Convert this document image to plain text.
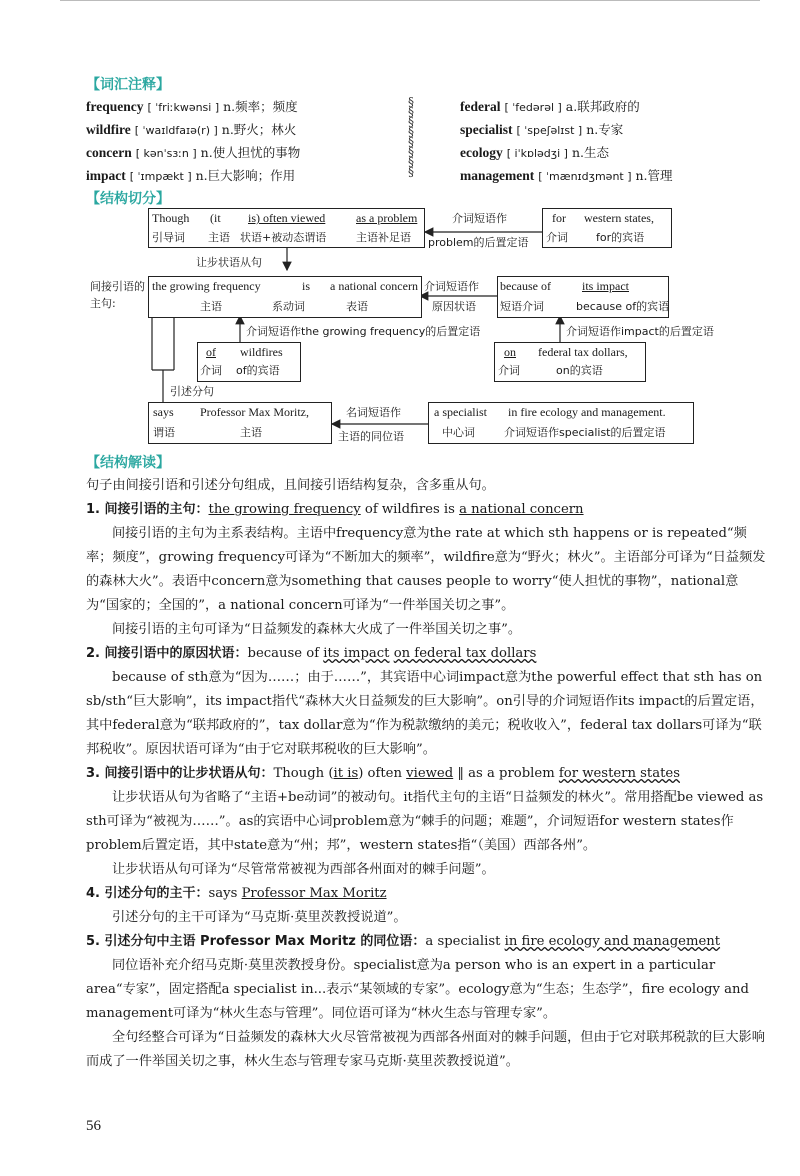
【词汇注释】
frequency [ ˈfriːkwənsi ] n.频率；频度
wildfire [ ˈwaɪldfaɪə(r) ] n.野火；林火
concern [ kənˈsɜːn ] n.使人担忧的事物
impact [ ˈɪmpækt ] n.巨大影响；作用
§
§
§
§
§
§
§
§
federal [ ˈfedərəl ] a.联邦政府的
specialist [ ˈspeʃəlɪst ] n.专家
ecology [ iˈkɒlədʒi ] n.生态
management [ ˈmænɪdʒmənt ] n.管理
【结构切分】
Though (it is) often viewed	as a problem
引导词 主语 状语+被动态谓语	主语补足语
介词短语作
problem的后置定语
for western states,
介词	for的宾语
让步状语从句
间接引语的主句:
the growing frequency	is a national concern
主语	系动词	表语
介词短语作
原因状语
because of	its impact
短语介词	because of的宾语
介词短语作the growing frequency的后置定语	介词短语作impact的后置定语
of wildfires
介词 of的宾语
on federal tax dollars,
介词	on的宾语
引述分句
says Professor Max Moritz,
谓语	主语
名词短语作
主语的同位语
a specialist in fire ecology and management.
中心词	介词短语作specialist的后置定语
【结构解读】

句子由间接引语和引述分句组成，且间接引语结构复杂，含多重从句。

1. 间接引语的主句：the growing frequency of wildfires is a national concern

间接引语的主句为主系表结构。主语中frequency意为the rate at which sth happens or is repeated“频率；频度”，growing frequency可译为“不断加大的频率”，wildfire意为“野火；林火”。主语部分可译为“日益频发的森林大火”。表语中concern意为something that causes people to worry“使人担忧的事物”，national意为“国家的；全国的”，a national concern可译为“一件举国关切之事”。

间接引语的主句可译为“日益频发的森林大火成了一件举国关切之事”。

2. 间接引语中的原因状语：because of its impact on federal tax dollars

because of sth意为“因为……；由于……”，其宾语中心词impact意为the powerful effect that sth has on sb/sth“巨大影响”，its impact指代“森林大火日益频发的巨大影响”。on引导的介词短语作its impact的后置定语，其中federal意为“联邦政府的”，tax dollar意为“作为税款缴纳的美元；税收收入”，federal tax dollars可译为“联邦税收”。原因状语可译为“由于它对联邦税收的巨大影响”。

3. 间接引语中的让步状语从句：Though (it is) often viewed ‖ as a problem for western states

让步状语从句为省略了“主语+be动词”的被动句。it指代主句的主语“日益频发的林火”。常用搭配be viewed as sth可译为“被视为……”。as的宾语中心词problem意为“棘手的问题；难题”，介词短语for western states作problem后置定语，其中state意为“州；邦”，western states指“（美国）西部各州”。

让步状语从句可译为“尽管常常被视为西部各州面对的棘手问题”。

4. 引述分句的主干：says Professor Max Moritz

引述分句的主干可译为“马克斯·莫里茨教授说道”。

5. 引述分句中主语 Professor Max Moritz 的同位语：a specialist in fire ecology and management

同位语补充介绍马克斯·莫里茨教授身份。specialist意为a person who is an expert in a particular area“专家”，固定搭配a specialist in...表示“某领域的专家”。ecology意为“生态；生态学”，fire ecology and management可译为“林火生态与管理”。同位语可译为“林火生态与管理专家”。

全句经整合可译为“日益频发的森林大火尽管常被视为西部各州面对的棘手问题，但由于它对联邦税款的巨大影响而成了一件举国关切之事，林火生态与管理专家马克斯·莫里茨教授说道”。

56
